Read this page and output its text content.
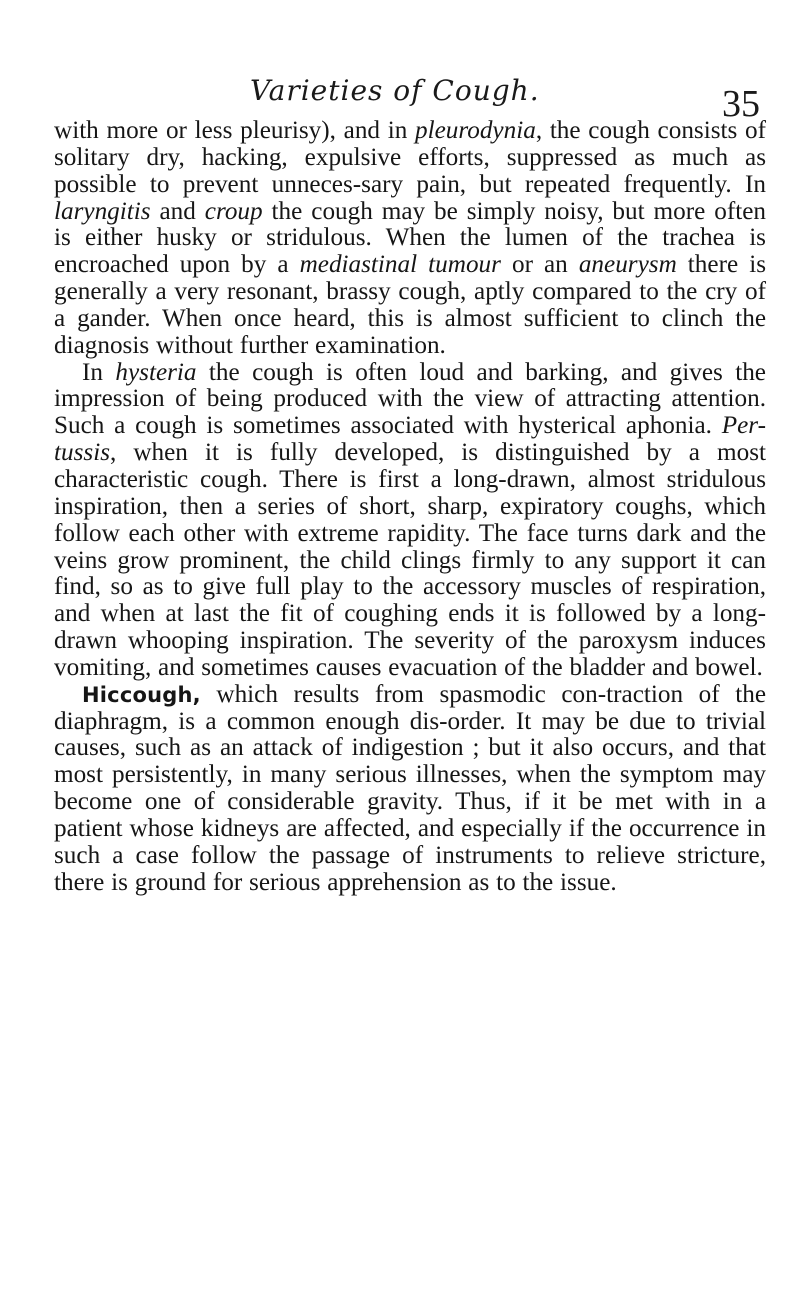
Varieties of Cough.	35

with more or less pleurisy), and in pleurodynia, the cough consists of solitary dry, hacking, expulsive efforts, suppressed as much as possible to prevent unneces-sary pain, but repeated frequently. In laryngitis and croup the cough may be simply noisy, but more often is either husky or stridulous. When the lumen of the trachea is encroached upon by a mediastinal tumour or an aneurysm there is generally a very resonant, brassy cough, aptly compared to the cry of a gander. When once heard, this is almost sufficient to clinch the diagnosis without further examination.

In hysteria the cough is often loud and barking, and gives the impression of being produced with the view of attracting attention. Such a cough is sometimes associated with hysterical aphonia. Per-tussis, when it is fully developed, is distinguished by a most characteristic cough. There is first a long-drawn, almost stridulous inspiration, then a series of short, sharp, expiratory coughs, which follow each other with extreme rapidity. The face turns dark and the veins grow prominent, the child clings firmly to any support it can find, so as to give full play to the accessory muscles of respiration, and when at last the fit of coughing ends it is followed by a long-drawn whooping inspiration. The severity of the paroxysm induces vomiting, and sometimes causes evacuation of the bladder and bowel.

Hiccough, which results from spasmodic con-traction of the diaphragm, is a common enough dis-order. It may be due to trivial causes, such as an attack of indigestion ; but it also occurs, and that most persistently, in many serious illnesses, when the symptom may become one of considerable gravity. Thus, if it be met with in a patient whose kidneys are affected, and especially if the occurrence in such a case follow the passage of instruments to relieve stricture, there is ground for serious apprehension as to the issue.
